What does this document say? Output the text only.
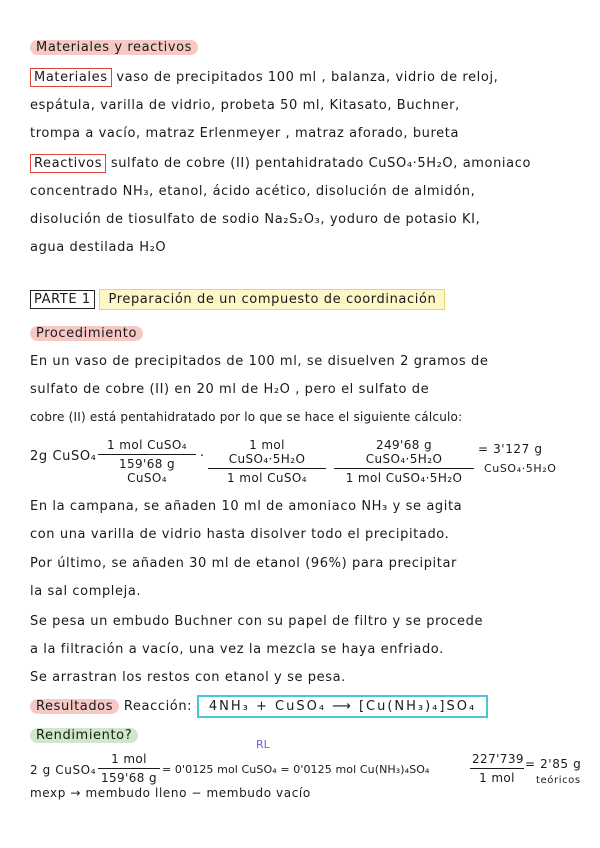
Materiales y reactivos
Materiales vaso de precipitados 100 ml , balanza, vidrio de reloj,
espátula, varilla de vidrio, probeta 50 ml, Kitasato, Buchner,
trompa a vacío, matraz Erlenmeyer , matraz aforado, bureta
Reactivos sulfato de cobre (II) pentahidratado CuSO₄·5H₂O, amoniaco
concentrado NH₃, etanol, ácido acético, disolución de almidón,
disolución de tiosulfato de sodio Na₂S₂O₃, yoduro de potasio KI,
agua destilada H₂O
PARTE 1 Preparación de un compuesto de coordinación
Procedimiento
En un vaso de precipitados de 100 ml, se disuelven 2 gramos de
sulfato de cobre (II) en 20 ml de H₂O , pero el sulfato de
cobre (II) está pentahidratado por lo que se hace el siguiente cálculo:
2g CuSO₄
1 mol CuSO₄
159'68 g CuSO₄
·
1 mol CuSO₄·5H₂O
1 mol CuSO₄
249'68 g CuSO₄·5H₂O
1 mol CuSO₄·5H₂O
= 3'127 g
CuSO₄·5H₂O
En la campana, se añaden 10 ml de amoniaco NH₃ y se agita
con una varilla de vidrio hasta disolver todo el precipitado.
Por último, se añaden 30 ml de etanol (96%) para precipitar
la sal compleja.
Se pesa un embudo Buchner con su papel de filtro y se procede
a la filtración a vacío, una vez la mezcla se haya enfriado.
Se arrastran los restos con etanol y se pesa.
Resultados Reacción: 4NH₃ + CuSO₄ ⟶ [Cu(NH₃)₄]SO₄
Rendimiento?
2 g CuSO₄
1 mol
159'68 g
RL
= 0'0125 mol CuSO₄ = 0'0125 mol Cu(NH₃)₄SO₄
227'739
1 mol
= 2'85 g
teóricos
mexp → membudo lleno − membudo vacío
